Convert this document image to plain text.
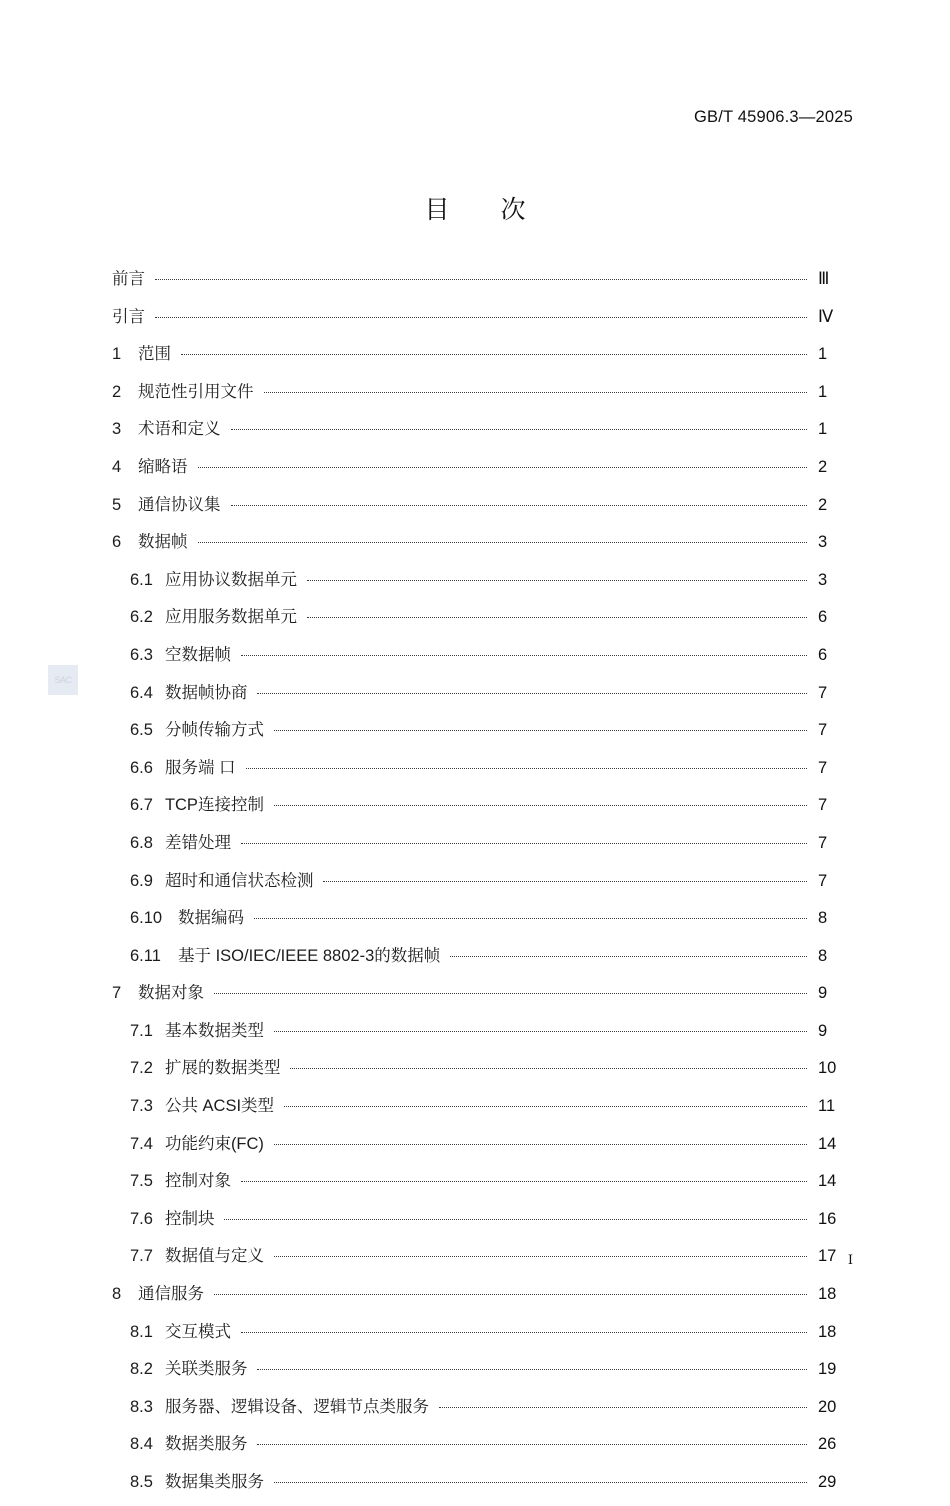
GB/T 45906.3—2025
目 次
前言	Ⅲ
引言	Ⅳ
1 范围	1
2 规范性引用文件	1
3 术语和定义	1
4 缩略语	2
5 通信协议集	2
6 数据帧	3
6.1 应用协议数据单元	3
6.2 应用服务数据单元	6
6.3 空数据帧	6
6.4 数据帧协商	7
6.5 分帧传输方式	7
6.6 服务端 口	7
6.7 TCP连接控制	7
6.8 差错处理	7
6.9 超时和通信状态检测	7
6.10 数据编码	8
6.11 基于 ISO/IEC/IEEE 8802-3的数据帧	8
7 数据对象	9
7.1 基本数据类型	9
7.2 扩展的数据类型	10
7.3 公共 ACSI类型	11
7.4 功能约束(FC)	14
7.5 控制对象	14
7.6 控制块	16
7.7 数据值与定义	17
8 通信服务	18
8.1 交互模式	18
8.2 关联类服务	19
8.3 服务器、逻辑设备、逻辑节点类服务	20
8.4 数据类服务	26
8.5 数据集类服务	29
SAC
Ⅰ
